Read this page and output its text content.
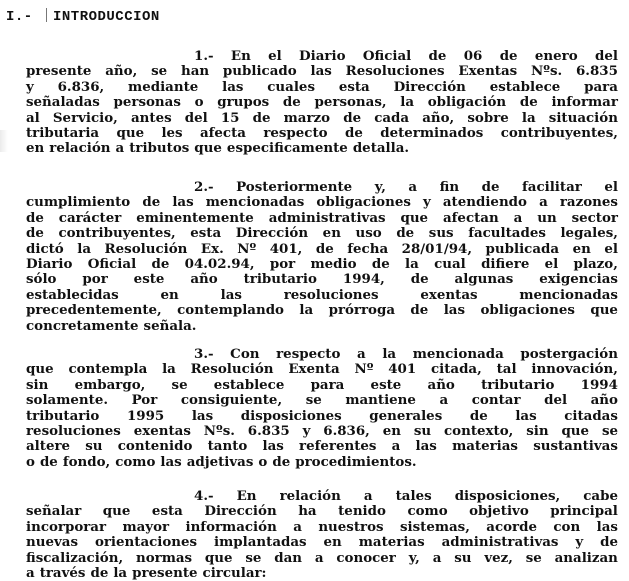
I.- INTRODUCCION
1.- En el Diario Oficial de 06 de enero del
presente año, se han publicado las Resoluciones Exentas Nºs. 6.835
y 6.836, mediante las cuales esta Dirección establece para
señaladas personas o grupos de personas, la obligación de informar
al Servicio, antes del 15 de marzo de cada año, sobre la situación
tributaria que les afecta respecto de determinados contribuyentes,
en relación a tributos que especificamente detalla.
2.- Posteriormente y, a fin de facilitar el
cumplimiento de las mencionadas obligaciones y atendiendo a razones
de carácter eminentemente administrativas que afectan a un sector
de contribuyentes, esta Dirección en uso de sus facultades legales,
dictó la Resolución Ex. Nº 401, de fecha 28/01/94, publicada en el
Diario Oficial de 04.02.94, por medio de la cual difiere el plazo,
sólo por este año tributario 1994, de algunas exigencias
establecidas	en	las	resoluciones	exentas	mencionadas
precedentemente, contemplando la prórroga de las obligaciones que
concretamente señala.
3.- Con respecto a la mencionada postergación
que contempla la Resolución Exenta Nº 401 citada, tal innovación,
sin embargo, se establece para este año tributario 1994
solamente. Por consiguiente, se mantiene a contar del año
tributario 1995 las disposiciones generales de las citadas
resoluciones exentas Nºs. 6.835 y 6.836, en su contexto, sin que se
altere su contenido tanto las referentes a las materias sustantivas
o de fondo, como las adjetivas o de procedimientos.
4.- En relación a tales disposiciones, cabe
señalar que esta Dirección ha tenido como objetivo principal
incorporar mayor información a nuestros sistemas, acorde con las
nuevas orientaciones implantadas en materias administrativas y de
fiscalización, normas que se dan a conocer y, a su vez, se analizan
a través de la presente circular:
